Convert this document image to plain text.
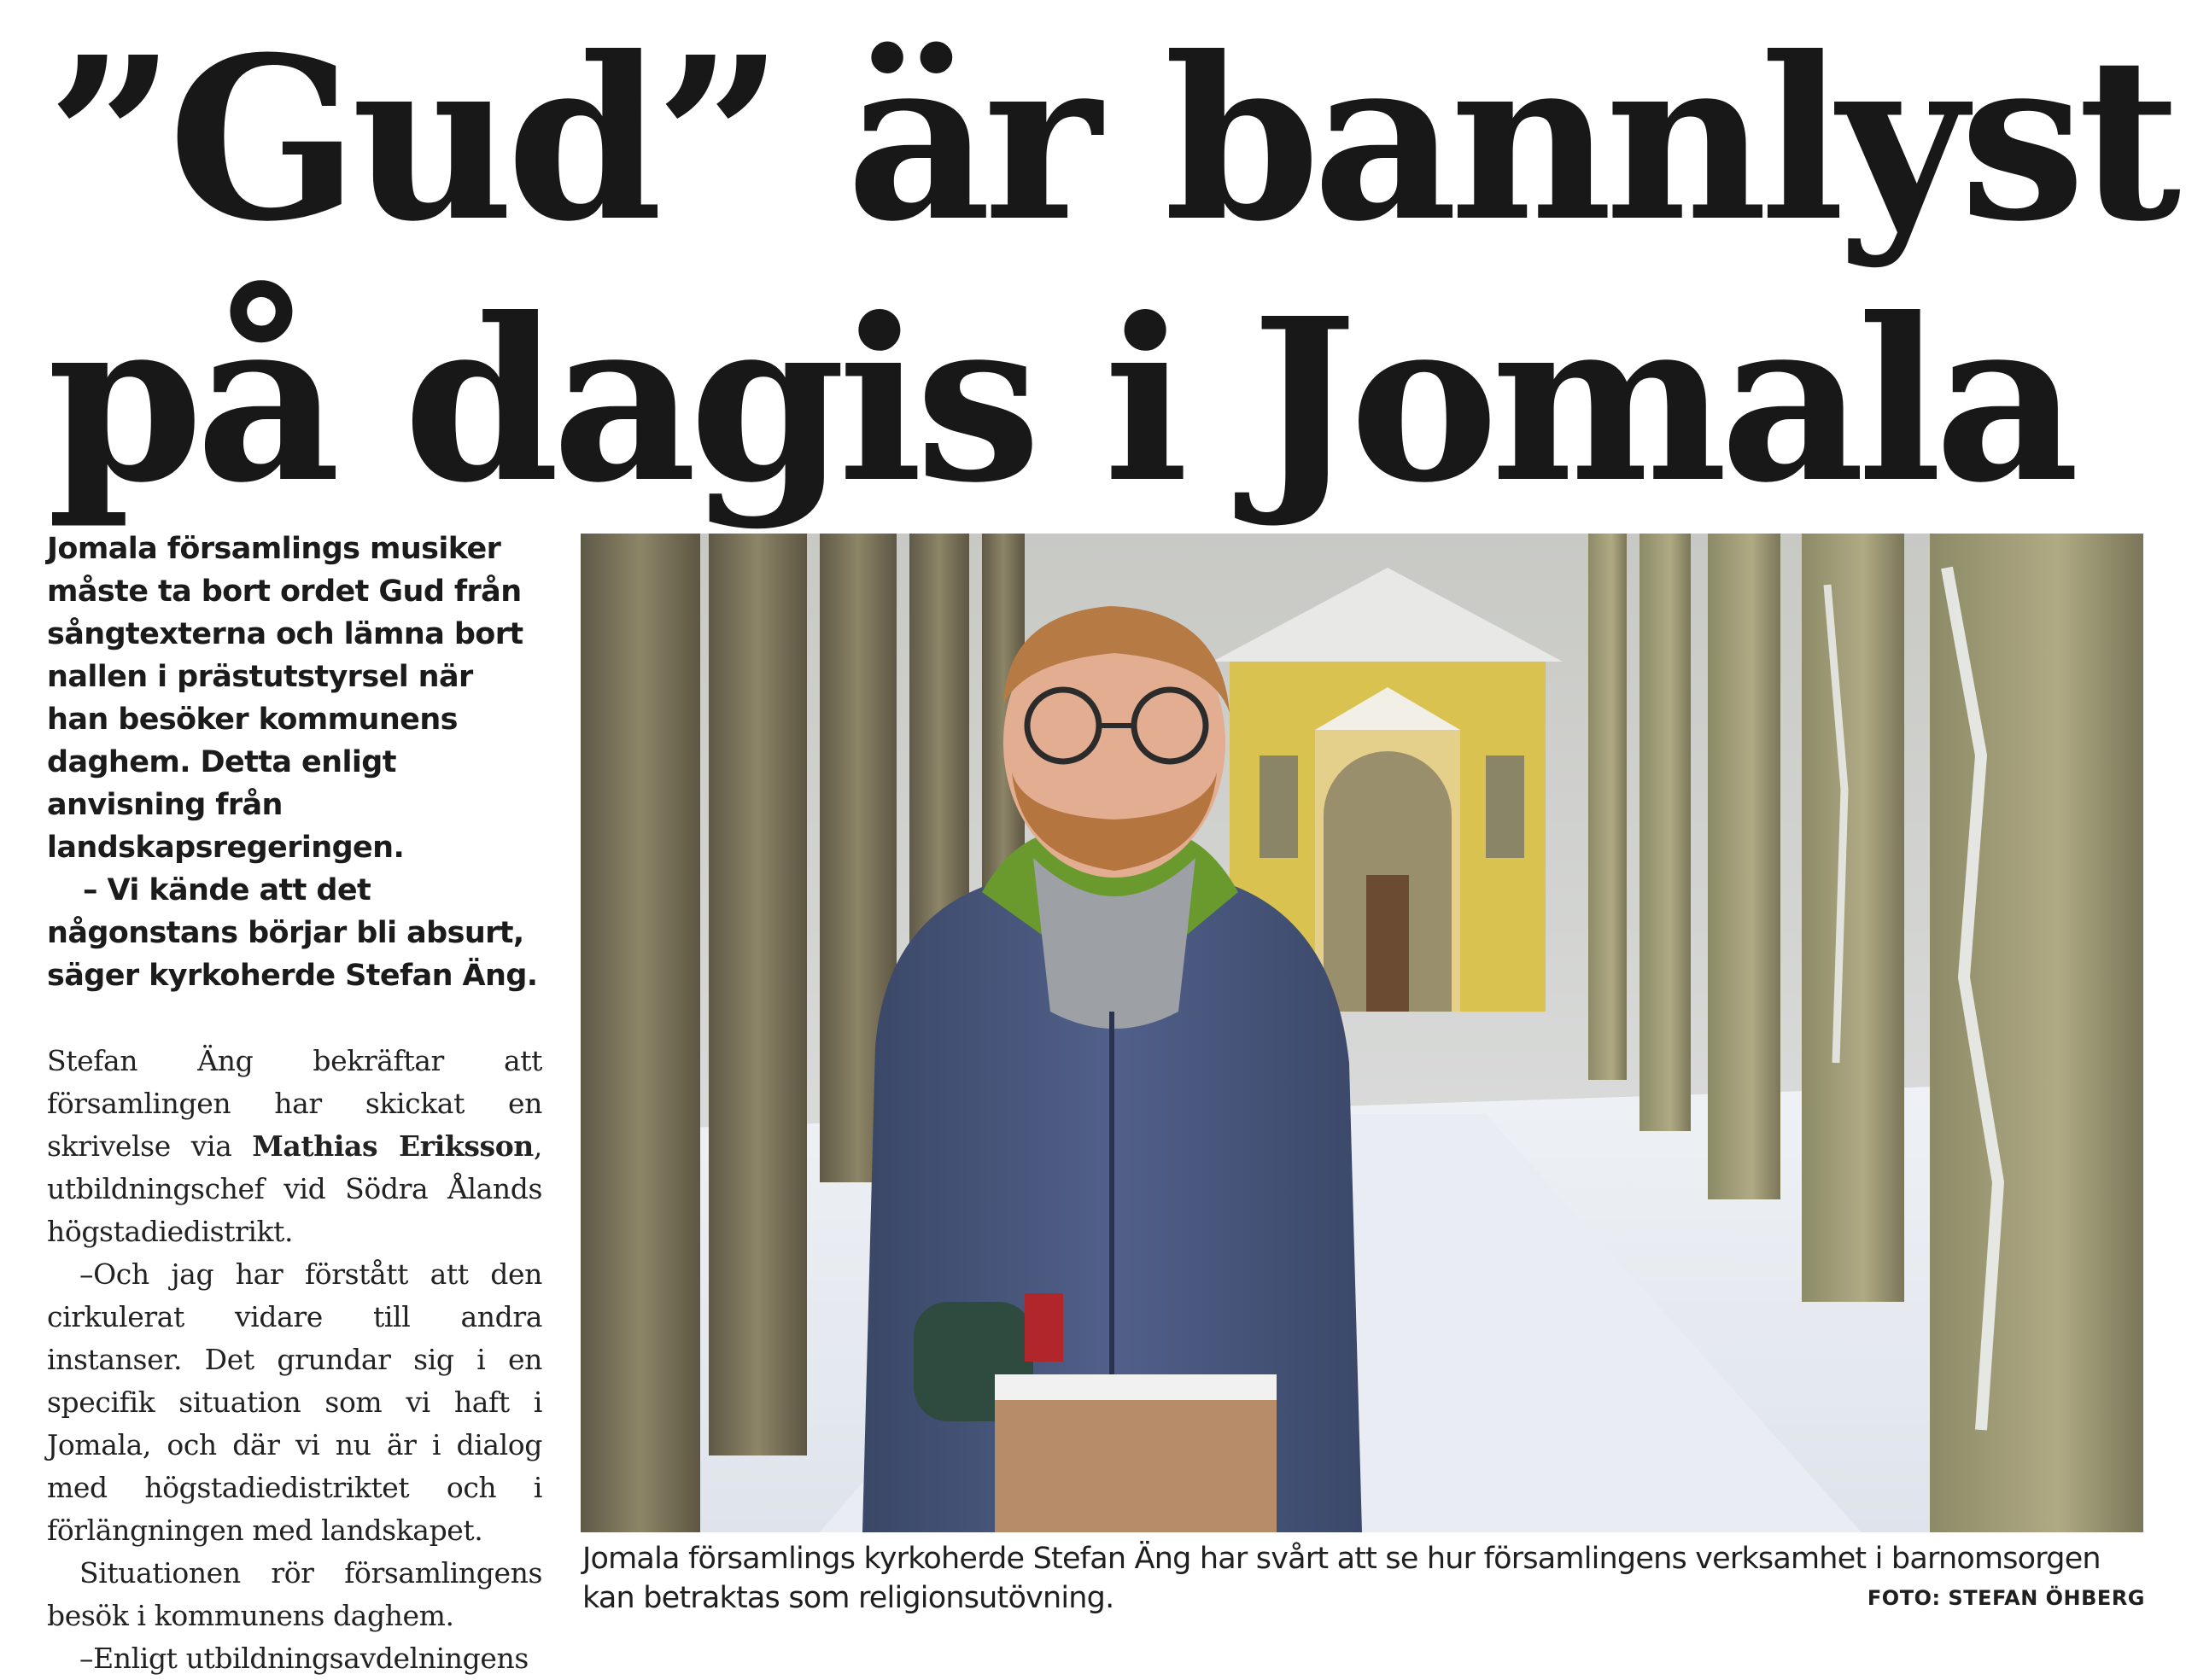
”Gud” är bannlyst
på dagis i Jomala

Jomala församlings musiker måste ta bort ordet Gud från sångtexterna och lämna bort nallen i prästutstyrsel när han besöker kommunens daghem. Detta enligt anvisning från landskapsregeringen.

– Vi kände att det någonstans börjar bli absurt, säger kyrkoherde Stefan Äng.

Stefan Äng bekräftar att församlingen har skickat en skrivelse via Mathias Eriksson, utbildningschef vid Södra Ålands högstadiedistrikt.

–Och jag har förstått att den cirkulerat vidare till andra instanser. Det grundar sig i en specifik situation som vi haft i Jomala, och där vi nu är i dialog med högstadiedistriktet och i förlängningen med landskapet.

Situationen rör församlingens besök i kommunens daghem.

–Enligt utbildningsavdelningens

Jomala församlings kyrkoherde Stefan Äng har svårt att se hur församlingens verksamhet i barnomsorgen kan betraktas som religionsutövning.	FOTO: STEFAN ÖHBERG
